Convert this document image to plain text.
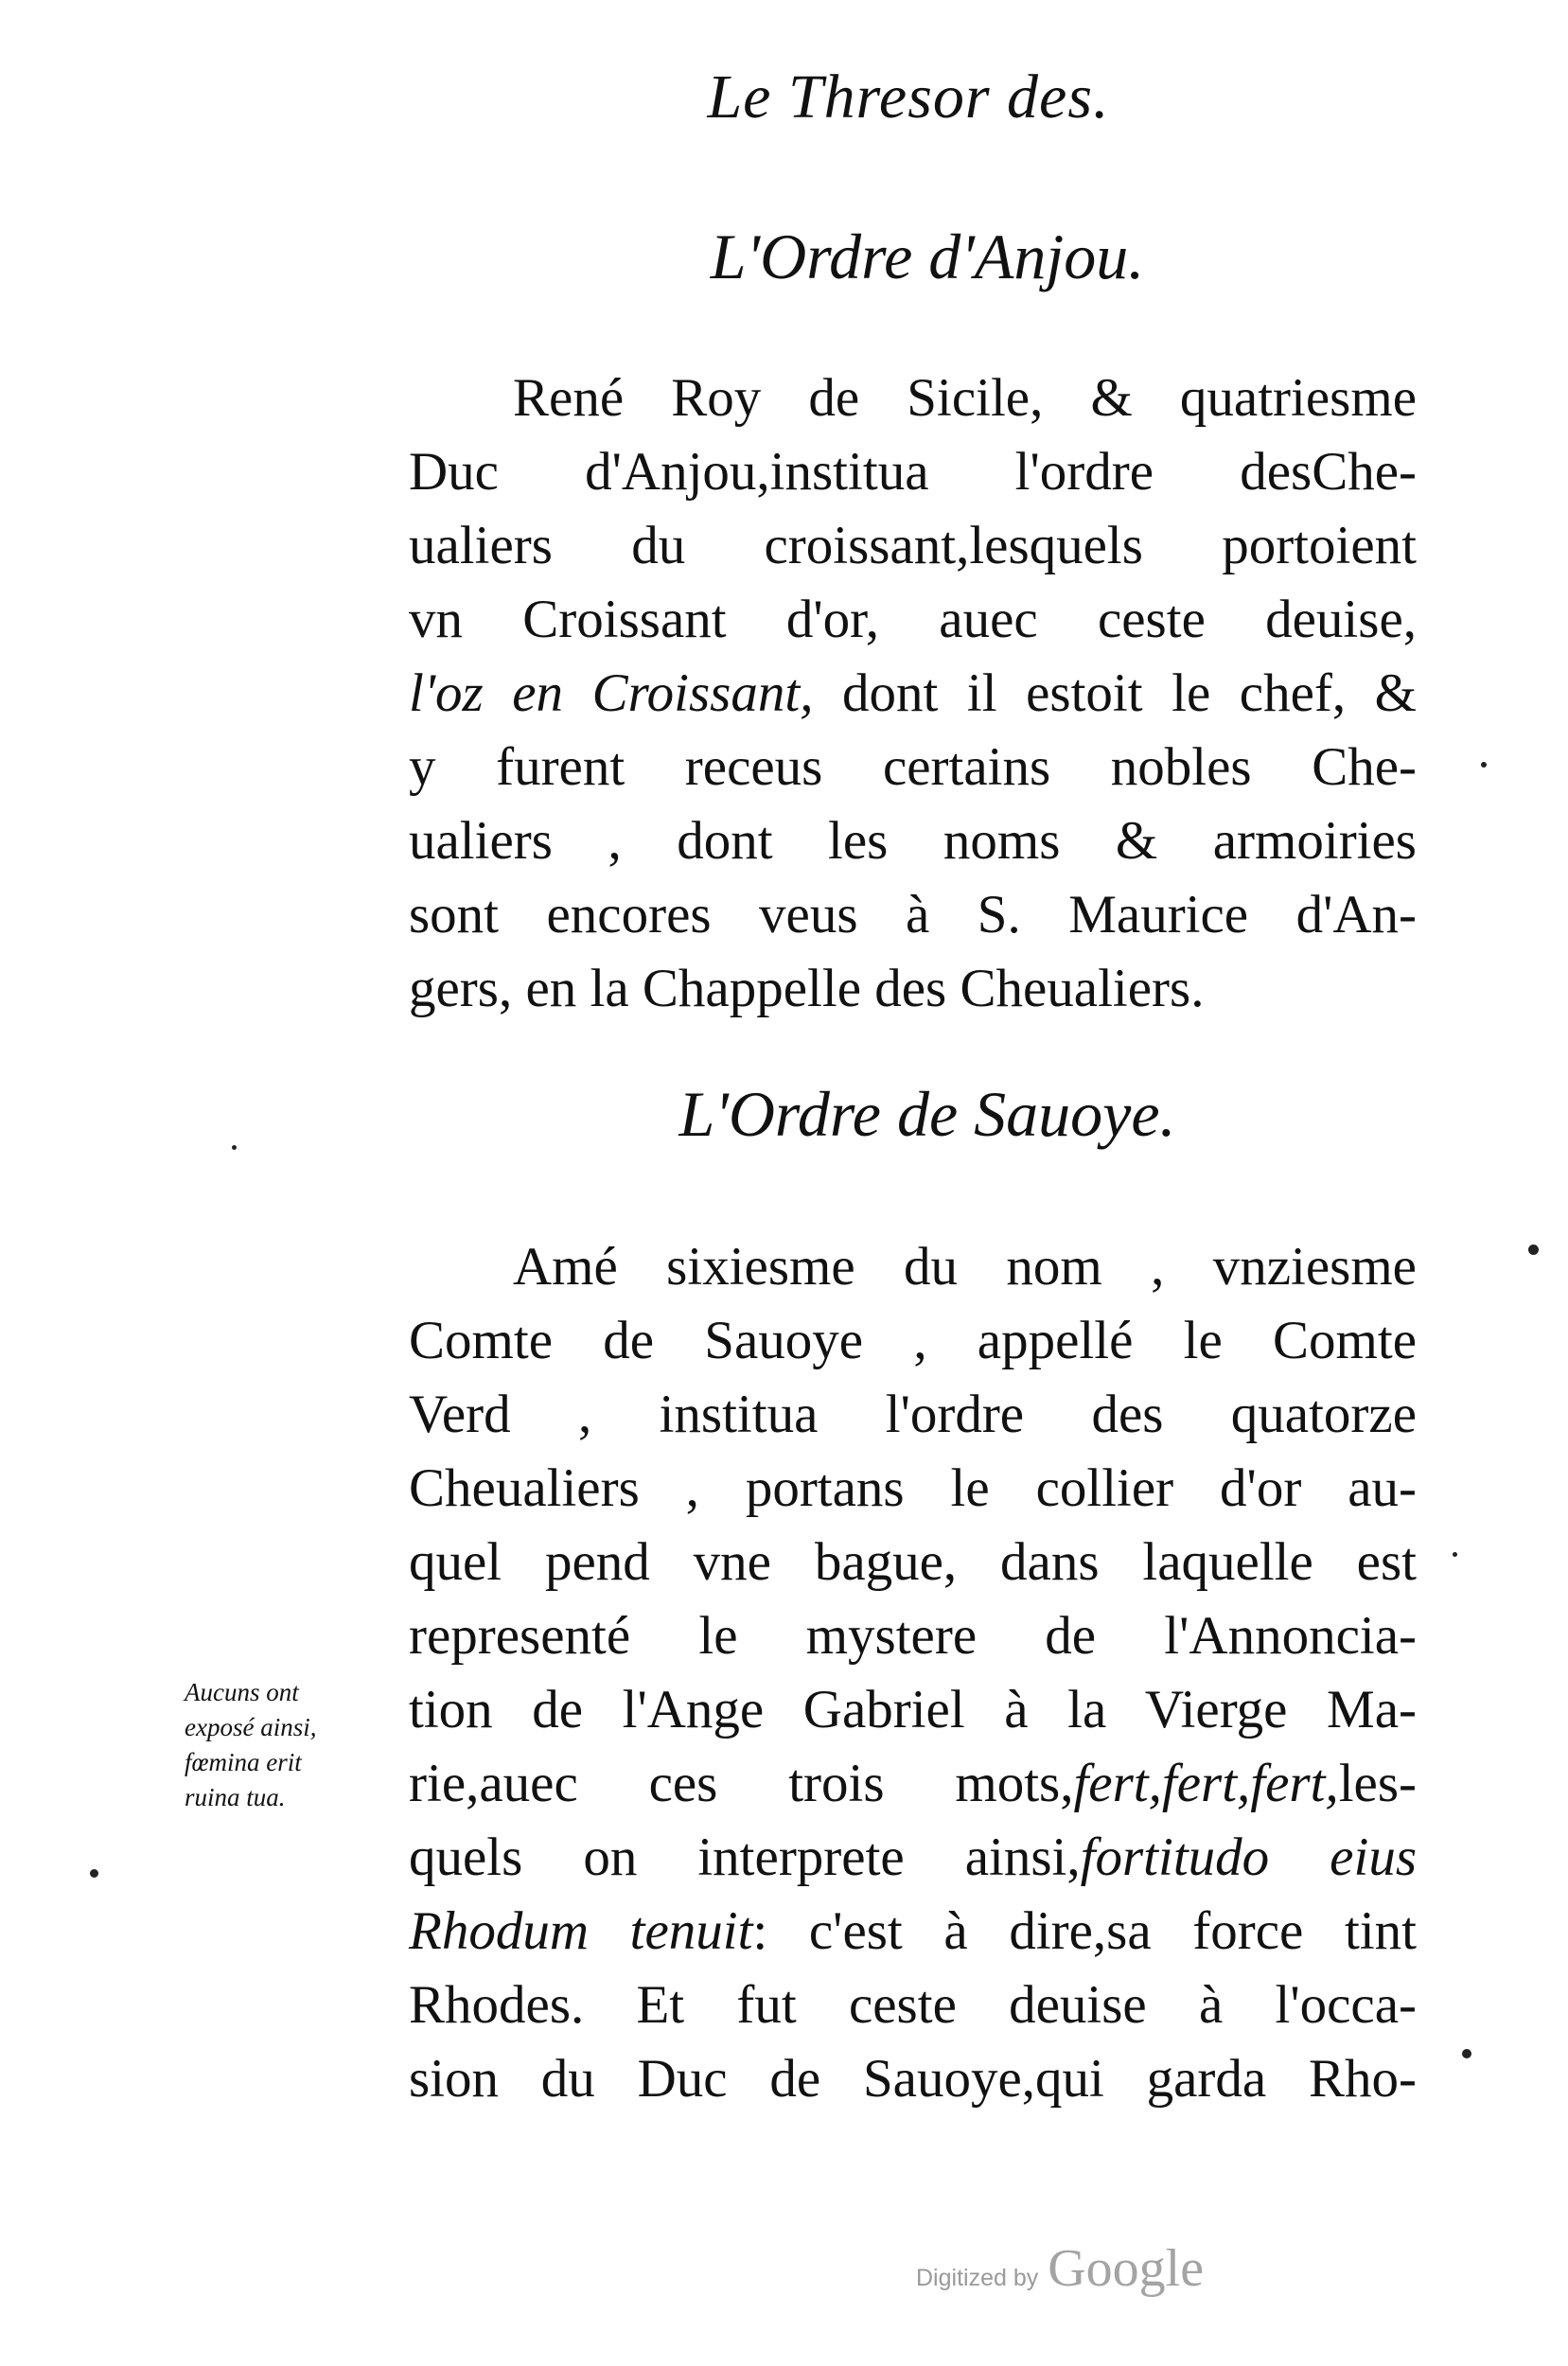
Le Thresor des.
L'Ordre d'Anjou.
René Roy de Sicile, & quatriesme
Duc d'Anjou,institua l'ordre desChe-
ualiers du croissant,lesquels portoient
vn Croissant d'or, auec ceste deuise,
l'oz en Croissant, dont il estoit le chef, &
y furent receus certains nobles Che-
ualiers , dont les noms & armoiries
sont encores veus à S. Maurice d'An-
gers, en la Chappelle des Cheualiers.
L'Ordre de Sauoye.
Amé sixiesme du nom , vnziesme
Comte de Sauoye , appellé le Comte
Verd , institua l'ordre des quatorze
Cheualiers , portans le collier d'or au-
quel pend vne bague, dans laquelle est
representé le mystere de l'Annoncia-
tion de l'Ange Gabriel à la Vierge Ma-
rie,auec ces trois mots,fert,fert,fert,les-
quels on interprete ainsi,fortitudo eius
Rhodum tenuit: c'est à dire,sa force tint
Rhodes. Et fut ceste deuise à l'occa-
sion du Duc de Sauoye,qui garda Rho-
Aucuns ont
exposé ainsi,
fœmina erit
ruina tua.
Digitized by Google
